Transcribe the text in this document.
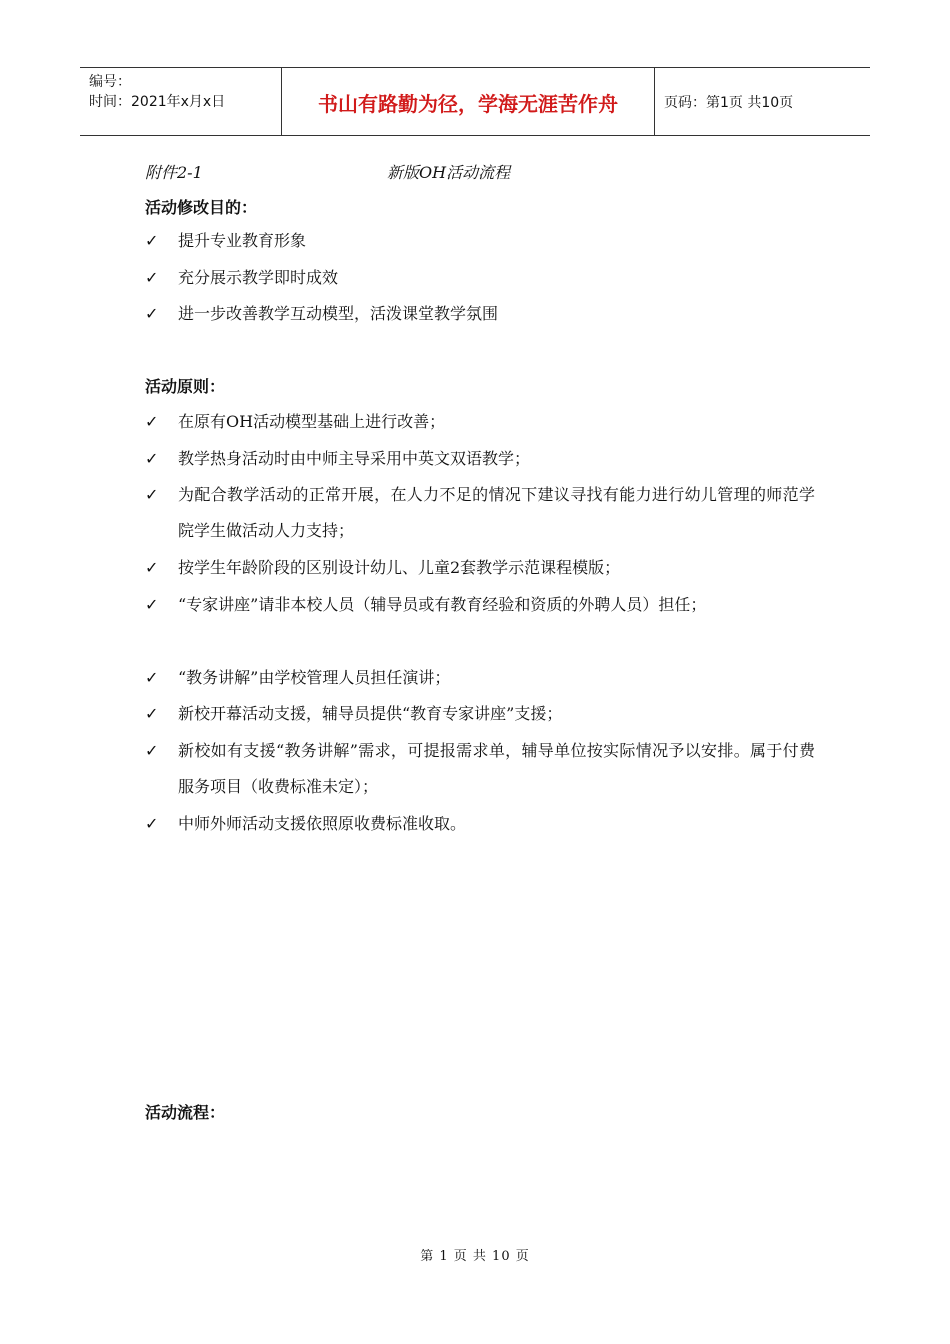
编号：
时间：2021年x月x日	书山有路勤为径，学海无涯苦作舟	页码：第1页 共10页
附件2-1	新版OH活动流程
活动修改目的：
✓ 提升专业教育形象
✓ 充分展示教学即时成效
✓ 进一步改善教学互动模型，活泼课堂教学氛围
活动原则：
✓ 在原有OH活动模型基础上进行改善；
✓ 教学热身活动时由中师主导采用中英文双语教学；
✓ 为配合教学活动的正常开展，在人力不足的情况下建议寻找有能力进行幼儿管理的师范学院学生做活动人力支持；
✓ 按学生年龄阶段的区别设计幼儿、儿童2套教学示范课程模版；
✓ “专家讲座”请非本校人员（辅导员或有教育经验和资质的外聘人员）担任；
✓ “教务讲解”由学校管理人员担任演讲；
✓ 新校开幕活动支援，辅导员提供“教育专家讲座”支援；
✓ 新校如有支援“教务讲解”需求，可提报需求单，辅导单位按实际情况予以安排。属于付费服务项目（收费标准未定）；
✓ 中师外师活动支援依照原收费标准收取。
活动流程：
第 1 页 共 10 页
